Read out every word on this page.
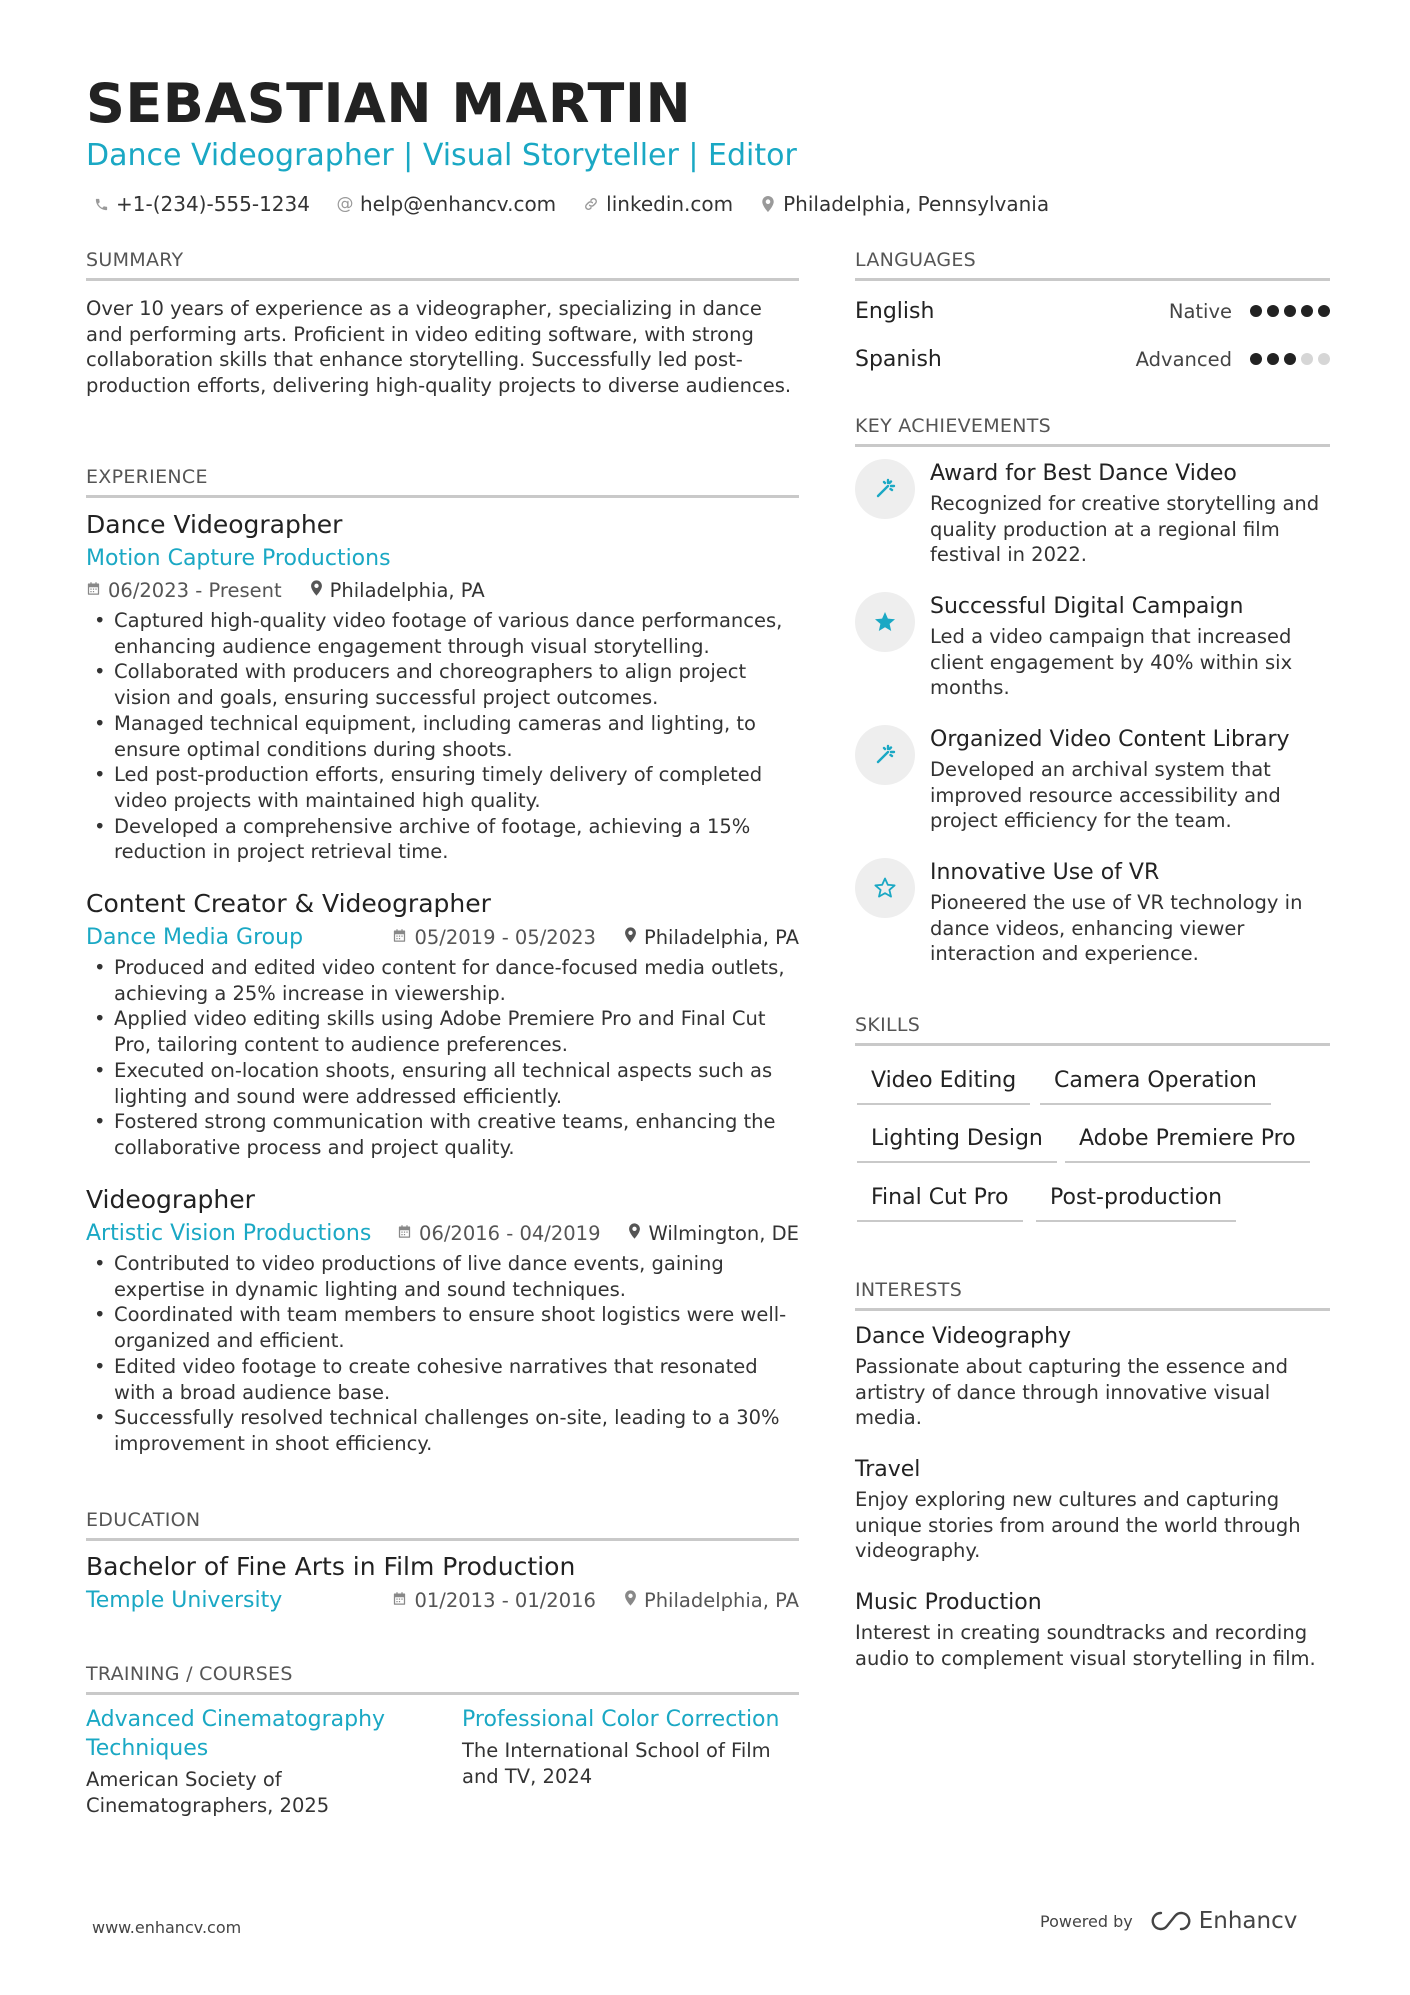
SEBASTIAN MARTIN
Dance Videographer | Visual Storyteller | Editor
+1-(234)-555-1234 @ help@enhancv.com	linkedin.com	Philadelphia, Pennsylvania
SUMMARY
Over 10 years of experience as a videographer, specializing in dance and performing arts. Proficient in video editing software, with strong collaboration skills that enhance storytelling. Successfully led post-production efforts, delivering high-quality projects to diverse audiences.
EXPERIENCE
Dance Videographer
Motion Capture Productions
06/2023 - Present Philadelphia, PA
• Captured high-quality video footage of various dance performances, enhancing audience engagement through visual storytelling.
• Collaborated with producers and choreographers to align project vision and goals, ensuring successful project outcomes.
• Managed technical equipment, including cameras and lighting, to ensure optimal conditions during shoots.
• Led post-production efforts, ensuring timely delivery of completed video projects with maintained high quality.
• Developed a comprehensive archive of footage, achieving a 15% reduction in project retrieval time.
Content Creator & Videographer
Dance Media Group	05/2019 - 05/2023 Philadelphia, PA
• Produced and edited video content for dance-focused media outlets, achieving a 25% increase in viewership.
• Applied video editing skills using Adobe Premiere Pro and Final Cut Pro, tailoring content to audience preferences.
• Executed on-location shoots, ensuring all technical aspects such as lighting and sound were addressed efficiently.
• Fostered strong communication with creative teams, enhancing the collaborative process and project quality.
Videographer
Artistic Vision Productions 06/2016 - 04/2019 Wilmington, DE
• Contributed to video productions of live dance events, gaining expertise in dynamic lighting and sound techniques.
• Coordinated with team members to ensure shoot logistics were well-organized and efficient.
• Edited video footage to create cohesive narratives that resonated with a broad audience base.
• Successfully resolved technical challenges on-site, leading to a 30% improvement in shoot efficiency.
EDUCATION
Bachelor of Fine Arts in Film Production
Temple University	01/2013 - 01/2016 Philadelphia, PA
TRAINING / COURSES
Advanced Cinematography Techniques
American Society of Cinematographers, 2025
Professional Color Correction
The International School of Film and TV, 2024
LANGUAGES
English	Native
Spanish	Advanced
KEY ACHIEVEMENTS
Award for Best Dance Video
Recognized for creative storytelling and quality production at a regional film festival in 2022.
Successful Digital Campaign
Led a video campaign that increased client engagement by 40% within six months.
Organized Video Content Library
Developed an archival system that improved resource accessibility and project efficiency for the team.
Innovative Use of VR
Pioneered the use of VR technology in dance videos, enhancing viewer interaction and experience.
SKILLS
Video Editing	Camera Operation
Lighting Design	Adobe Premiere Pro
Final Cut Pro	Post-production
INTERESTS
Dance Videography
Passionate about capturing the essence and artistry of dance through innovative visual media.
Travel
Enjoy exploring new cultures and capturing unique stories from around the world through videography.
Music Production
Interest in creating soundtracks and recording audio to complement visual storytelling in film.
www.enhancv.com	Powered by	Enhancv
